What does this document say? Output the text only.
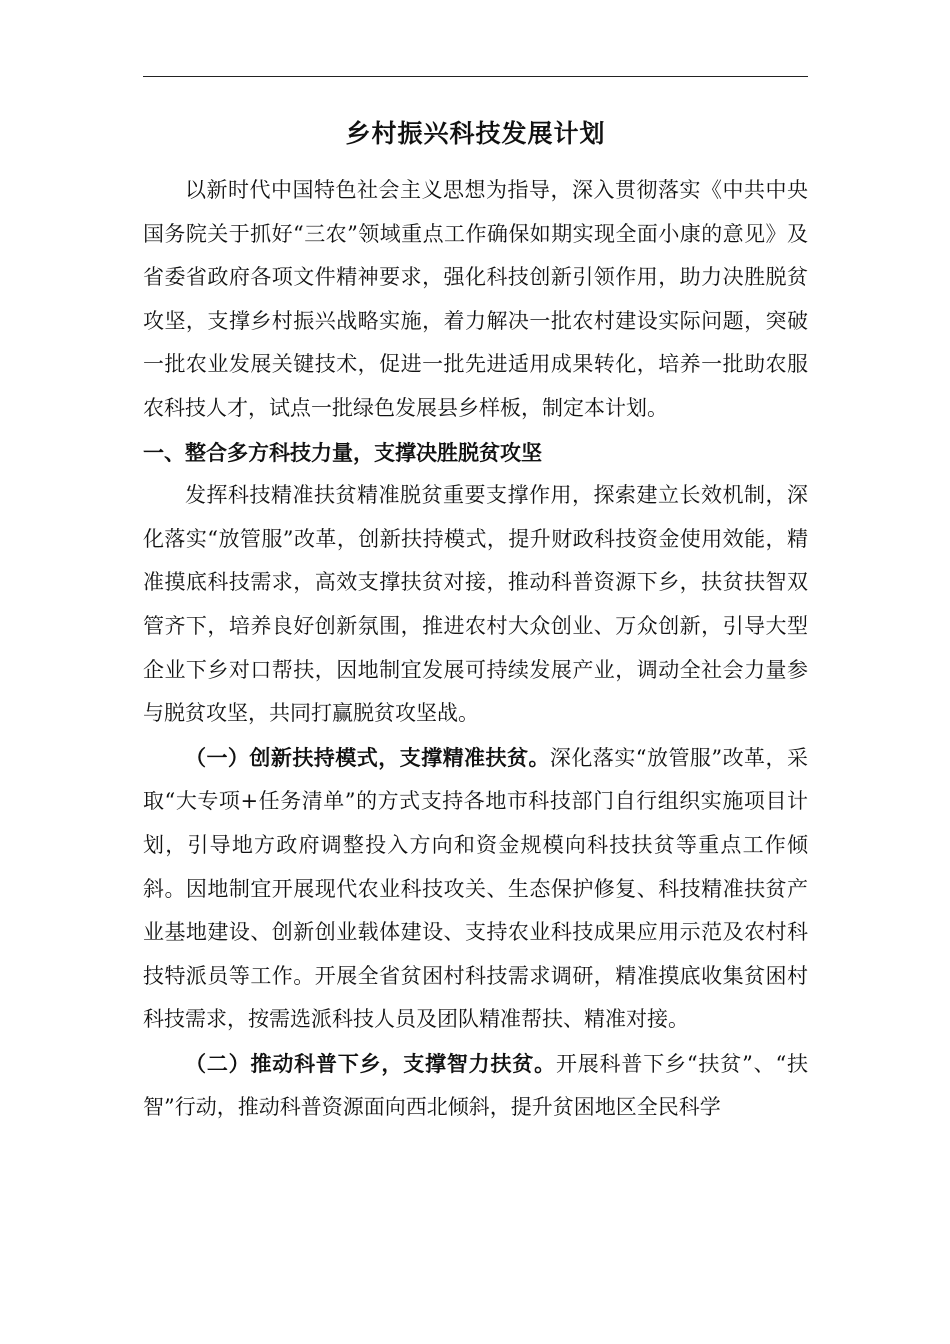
乡村振兴科技发展计划

以新时代中国特色社会主义思想为指导，深入贯彻落实《中共中央 国务院关于抓好“三农”领域重点工作确保如期实现全面小康的意见》及省委省政府各项文件精神要求，强化科技创新引领作用，助力决胜脱贫攻坚，支撑乡村振兴战略实施，着力解决一批农村建设实际问题，突破一批农业发展关键技术，促进一批先进适用成果转化，培养一批助农服农科技人才，试点一批绿色发展县乡样板，制定本计划。

一、整合多方科技力量，支撑决胜脱贫攻坚

发挥科技精准扶贫精准脱贫重要支撑作用，探索建立长效机制，深化落实“放管服”改革，创新扶持模式，提升财政科技资金使用效能，精准摸底科技需求，高效支撑扶贫对接，推动科普资源下乡，扶贫扶智双管齐下，培养良好创新氛围，推进农村大众创业、万众创新，引导大型企业下乡对口帮扶，因地制宜发展可持续发展产业，调动全社会力量参与脱贫攻坚，共同打赢脱贫攻坚战。

（一）创新扶持模式，支撑精准扶贫。深化落实“放管服”改革，采取“大专项+任务清单”的方式支持各地市科技部门自行组织实施项目计划，引导地方政府调整投入方向和资金规模向科技扶贫等重点工作倾斜。因地制宜开展现代农业科技攻关、生态保护修复、科技精准扶贫产业基地建设、创新创业载体建设、支持农业科技成果应用示范及农村科技特派员等工作。开展全省贫困村科技需求调研，精准摸底收集贫困村科技需求，按需选派科技人员及团队精准帮扶、精准对接。

（二）推动科普下乡，支撑智力扶贫。开展科普下乡“扶贫”、“扶智”行动，推动科普资源面向西北倾斜，提升贫困地区全民科学
